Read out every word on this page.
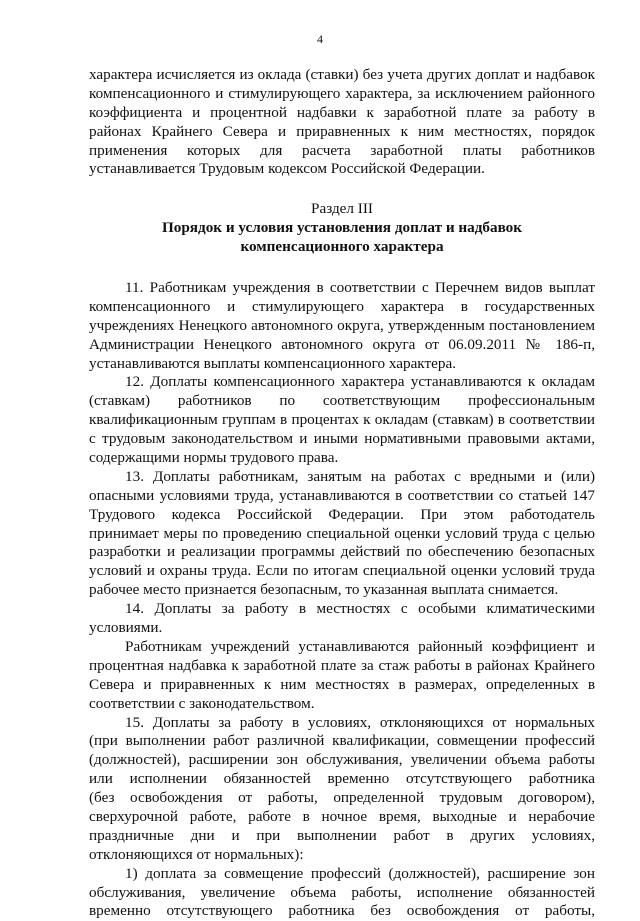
4
характера исчисляется из оклада (ставки) без учета других доплат и надбавок
компенсационного и стимулирующего характера, за исключением районного
коэффициента и процентной надбавки к заработной плате за работу в
районах Крайнего Севера и приравненных к ним местностях, порядок
применения которых для расчета заработной платы работников
устанавливается Трудовым кодексом Российской Федерации.
Раздел III
Порядок и условия установления доплат и надбавок
компенсационного характера
11. Работникам учреждения в соответствии с Перечнем видов выплат
компенсационного и стимулирующего характера в государственных
учреждениях Ненецкого автономного округа, утвержденным постановлением
Администрации Ненецкого автономного округа от 06.09.2011 № 186-п,
устанавливаются выплаты компенсационного характера.
12. Доплаты компенсационного характера устанавливаются к окладам
(ставкам) работников по соответствующим профессиональным
квалификационным группам в процентах к окладам (ставкам) в соответствии
с трудовым законодательством и иными нормативными правовыми актами,
содержащими нормы трудового права.
13. Доплаты работникам, занятым на работах с вредными и (или)
опасными условиями труда, устанавливаются в соответствии со статьей 147
Трудового кодекса Российской Федерации. При этом работодатель
принимает меры по проведению специальной оценки условий труда с целью
разработки и реализации программы действий по обеспечению безопасных
условий и охраны труда. Если по итогам специальной оценки условий труда
рабочее место признается безопасным, то указанная выплата снимается.
14. Доплаты за работу в местностях с особыми климатическими
условиями.
Работникам учреждений устанавливаются районный коэффициент и
процентная надбавка к заработной плате за стаж работы в районах Крайнего
Севера и приравненных к ним местностях в размерах, определенных в
соответствии с законодательством.
15. Доплаты за работу в условиях, отклоняющихся от нормальных
(при выполнении работ различной квалификации, совмещении профессий
(должностей), расширении зон обслуживания, увеличении объема работы
или исполнении обязанностей временно отсутствующего работника
(без освобождения от работы, определенной трудовым договором),
сверхурочной работе, работе в ночное время, выходные и нерабочие
праздничные дни и при выполнении работ в других условиях,
отклоняющихся от нормальных):
1) доплата за совмещение профессий (должностей), расширение зон
обслуживания, увеличение объема работы, исполнение обязанностей
временно отсутствующего работника без освобождения от работы,
